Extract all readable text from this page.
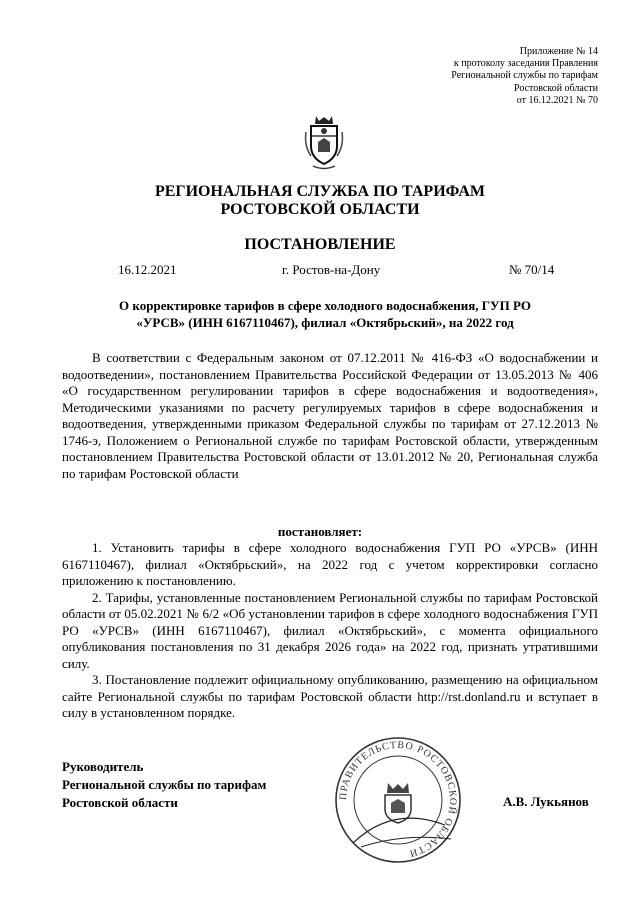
Приложение № 14
к протоколу заседания Правления
Региональной службы по тарифам
Ростовской области
от 16.12.2021 № 70
РЕГИОНАЛЬНАЯ СЛУЖБА ПО ТАРИФАМ
РОСТОВСКОЙ ОБЛАСТИ
ПОСТАНОВЛЕНИЕ
16.12.2021	г. Ростов-на-Дону	№ 70/14
О корректировке тарифов в сфере холодного водоснабжения, ГУП РО
«УРСВ» (ИНН 6167110467), филиал «Октябрьский», на 2022 год
В соответствии с Федеральным законом от 07.12.2011 № 416-ФЗ «О водоснабжении и водоотведении», постановлением Правительства Российской Федерации от 13.05.2013 № 406 «О государственном регулировании тарифов в сфере водоснабжения и водоотведения», Методическими указаниями по расчету регулируемых тарифов в сфере водоснабжения и водоотведения, утвержденными приказом Федеральной службы по тарифам от 27.12.2013 № 1746-э, Положением о Региональной службе по тарифам Ростовской области, утвержденным постановлением Правительства Ростовской области от 13.01.2012 № 20, Региональная служба по тарифам Ростовской области
постановляет:

1. Установить тарифы в сфере холодного водоснабжения ГУП РО «УРСВ» (ИНН 6167110467), филиал «Октябрьский», на 2022 год с учетом корректировки согласно приложению к постановлению.

2. Тарифы, установленные постановлением Региональной службы по тарифам Ростовской области от 05.02.2021 № 6/2 «Об установлении тарифов в сфере холодного водоснабжения ГУП РО «УРСВ» (ИНН 6167110467), филиал «Октябрьский», с момента официального опубликования постановления по 31 декабря 2026 года» на 2022 год, признать утратившими силу.

3. Постановление подлежит официальному опубликованию, размещению на официальном сайте Региональной службы по тарифам Ростовской области http://rst.donland.ru и вступает в силу в установленном порядке.

ПРАВИТЕЛЬСТВО РОСТОВСКОЙ ОБЛАСТИ
Руководитель
Региональной службы по тарифам
Ростовской области	А.В. Лукьянов
